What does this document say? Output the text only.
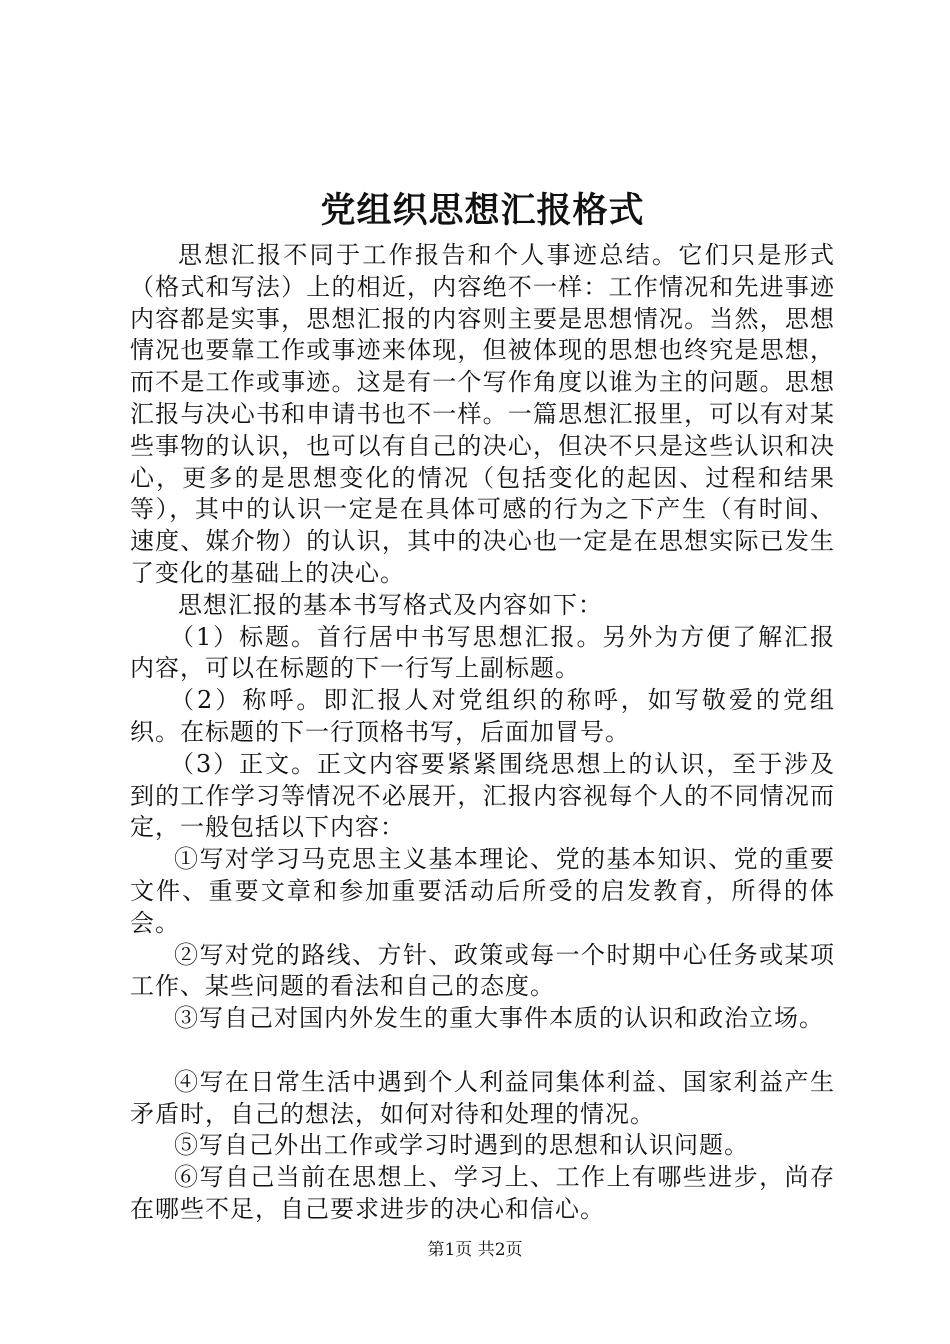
党组织思想汇报格式

思想汇报不同于工作报告和个人事迹总结。它们只是形式（格式和写法）上的相近，内容绝不一样：工作情况和先进事迹内容都是实事，思想汇报的内容则主要是思想情况。当然，思想情况也要靠工作或事迹来体现，但被体现的思想也终究是思想，而不是工作或事迹。这是有一个写作角度以谁为主的问题。思想汇报与决心书和申请书也不一样。一篇思想汇报里，可以有对某些事物的认识，也可以有自己的决心，但决不只是这些认识和决心，更多的是思想变化的情况（包括变化的起因、过程和结果等），其中的认识一定是在具体可感的行为之下产生（有时间、速度、媒介物）的认识，其中的决心也一定是在思想实际已发生了变化的基础上的决心。

思想汇报的基本书写格式及内容如下：

（1）标题。首行居中书写思想汇报。另外为方便了解汇报内容，可以在标题的下一行写上副标题。

（2）称呼。即汇报人对党组织的称呼，如写敬爱的党组织。在标题的下一行顶格书写，后面加冒号。

（3）正文。正文内容要紧紧围绕思想上的认识，至于涉及到的工作学习等情况不必展开，汇报内容视每个人的不同情况而定，一般包括以下内容：

①写对学习马克思主义基本理论、党的基本知识、党的重要文件、重要文章和参加重要活动后所受的启发教育，所得的体会。

②写对党的路线、方针、政策或每一个时期中心任务或某项工作、某些问题的看法和自己的态度。

③写自己对国内外发生的重大事件本质的认识和政治立场。

④写在日常生活中遇到个人利益同集体利益、国家利益产生矛盾时，自己的想法，如何对待和处理的情况。

⑤写自己外出工作或学习时遇到的思想和认识问题。

⑥写自己当前在思想上、学习上、工作上有哪些进步，尚存在哪些不足，自己要求进步的决心和信心。

第1页 共2页
